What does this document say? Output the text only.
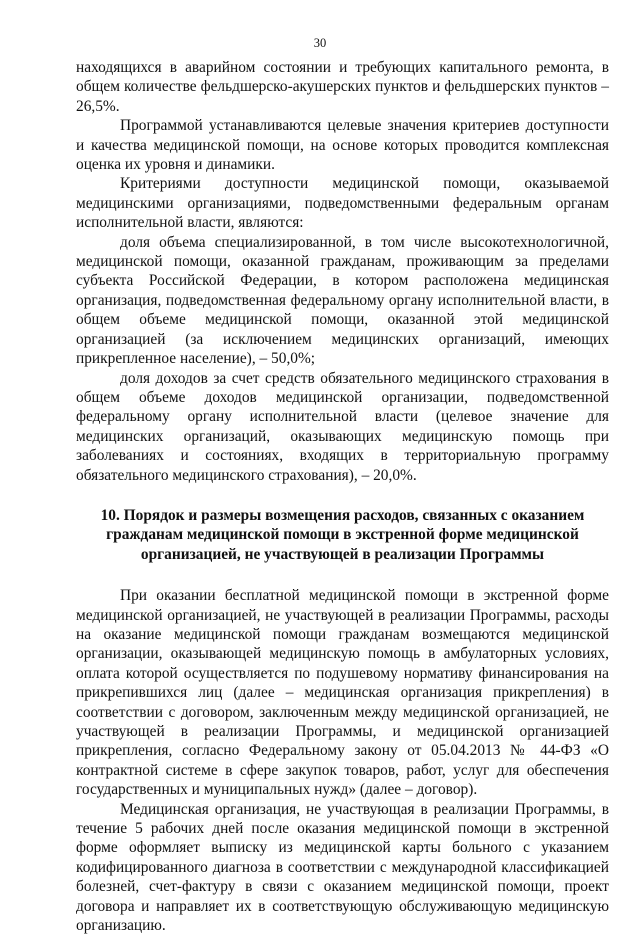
30

находящихся в аварийном состоянии и требующих капитального ремонта, в общем количестве фельдшерско-акушерских пунктов и фельдшерских пунктов – 26,5%.

Программой устанавливаются целевые значения критериев доступности и качества медицинской помощи, на основе которых проводится комплексная оценка их уровня и динамики.

Критериями доступности медицинской помощи, оказываемой медицинскими организациями, подведомственными федеральным органам исполнительной власти, являются:

доля объема специализированной, в том числе высокотехнологичной, медицинской помощи, оказанной гражданам, проживающим за пределами субъекта Российской Федерации, в котором расположена медицинская организация, подведомственная федеральному органу исполнительной власти, в общем объеме медицинской помощи, оказанной этой медицинской организацией (за исключением медицинских организаций, имеющих прикрепленное население), – 50,0%;

доля доходов за счет средств обязательного медицинского страхования в общем объеме доходов медицинской организации, подведомственной федеральному органу исполнительной власти (целевое значение для медицинских организаций, оказывающих медицинскую помощь при заболеваниях и состояниях, входящих в территориальную программу обязательного медицинского страхования), – 20,0%.

10. Порядок и размеры возмещения расходов, связанных с оказанием гражданам медицинской помощи в экстренной форме медицинской организацией, не участвующей в реализации Программы

При оказании бесплатной медицинской помощи в экстренной форме медицинской организацией, не участвующей в реализации Программы, расходы на оказание медицинской помощи гражданам возмещаются медицинской организации, оказывающей медицинскую помощь в амбулаторных условиях, оплата которой осуществляется по подушевому нормативу финансирования на прикрепившихся лиц (далее – медицинская организация прикрепления) в соответствии с договором, заключенным между медицинской организацией, не участвующей в реализации Программы, и медицинской организацией прикрепления, согласно Федеральному закону от 05.04.2013 № 44-ФЗ «О контрактной системе в сфере закупок товаров, работ, услуг для обеспечения государственных и муниципальных нужд» (далее – договор).

Медицинская организация, не участвующая в реализации Программы, в течение 5 рабочих дней после оказания медицинской помощи в экстренной форме оформляет выписку из медицинской карты больного с указанием кодифицированного диагноза в соответствии с международной классификацией болезней, счет-фактуру в связи с оказанием медицинской помощи, проект договора и направляет их в соответствующую обслуживающую медицинскую организацию.
